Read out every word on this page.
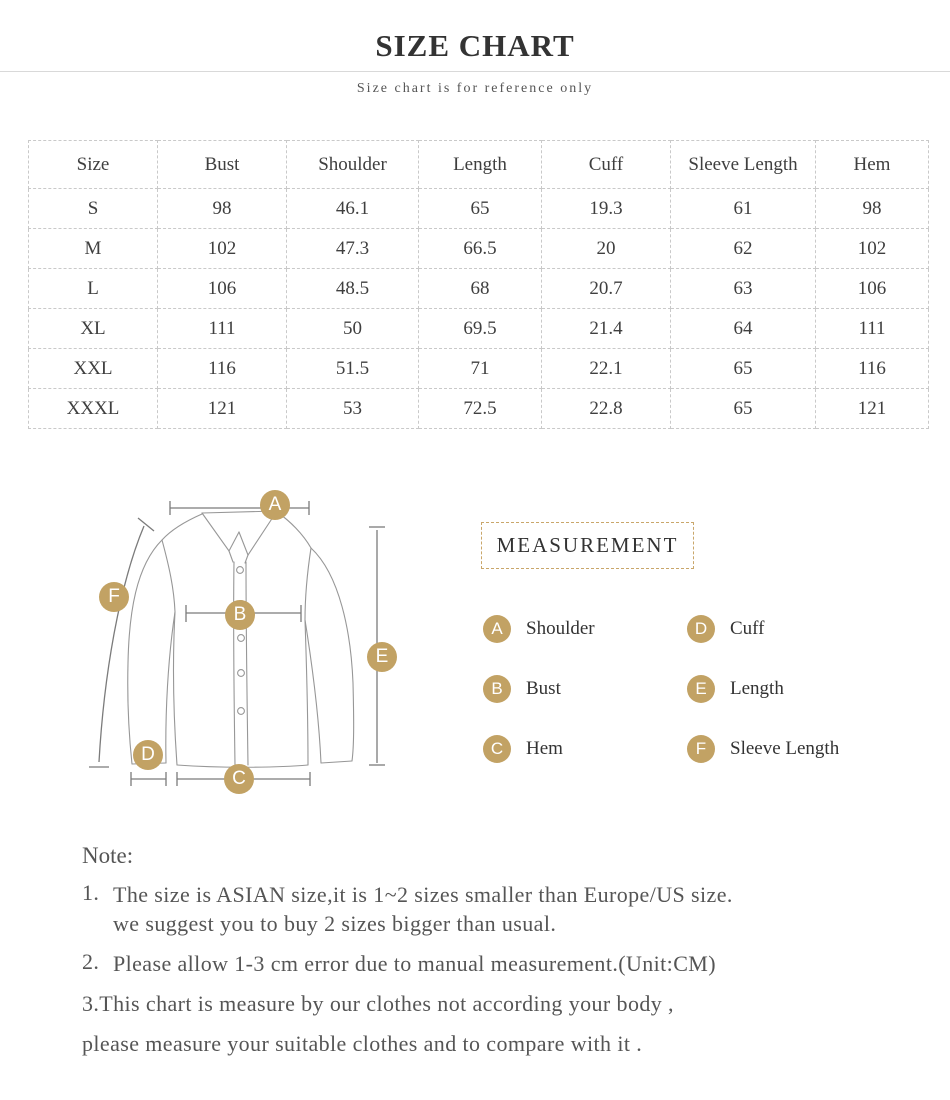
SIZE CHART
Size chart is for reference only
Size	Bust	Shoulder	Length	Cuff	Sleeve Length	Hem
S	98	46.1	65	19.3	61	98
M	102	47.3	66.5	20	62	102
L	106	48.5	68	20.7	63	106
XL	111	50	69.5	21.4	64	111
XXL	116	51.5	71	22.1	65	116
XXXL	121	53	72.5	22.8	65	121
A
B
C
D
E
F
MEASUREMENT
A	Shoulder
B	Bust
C	Hem
D	Cuff
E	Length
F	Sleeve Length
Note:
1. The size is ASIAN size,it is 1~2 sizes smaller than Europe/US size.
we suggest you to buy 2 sizes bigger than usual.
2. Please allow 1-3 cm error due to manual measurement.(Unit:CM)
3.This chart is measure by our clothes not according your body ,
please measure your suitable clothes and to compare with it .
